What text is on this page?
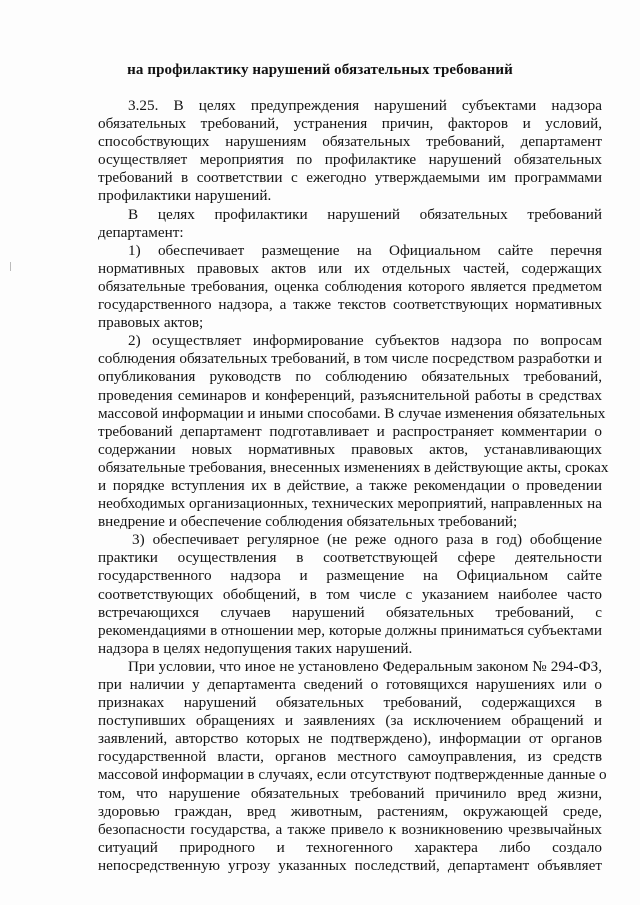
на профилактику нарушений обязательных требований
3.25. В целях предупреждения нарушений субъектами надзора
обязательных требований, устранения причин, факторов и условий,
способствующих нарушениям обязательных требований, департамент
осуществляет мероприятия по профилактике нарушений обязательных
требований в соответствии с ежегодно утверждаемыми им программами
профилактики нарушений.
В целях профилактики нарушений обязательных требований
департамент:
1) обеспечивает размещение на Официальном сайте перечня
нормативных правовых актов или их отдельных частей, содержащих
обязательные требования, оценка соблюдения которого является предметом
государственного надзора, а также текстов соответствующих нормативных
правовых актов;
2) осуществляет информирование субъектов надзора по вопросам
соблюдения обязательных требований, в том числе посредством разработки и
опубликования руководств по соблюдению обязательных требований,
проведения семинаров и конференций, разъяснительной работы в средствах
массовой информации и иными способами. В случае изменения обязательных
требований департамент подготавливает и распространяет комментарии о
содержании новых нормативных правовых актов, устанавливающих
обязательные требования, внесенных изменениях в действующие акты, сроках
и порядке вступления их в действие, а также рекомендации о проведении
необходимых организационных, технических мероприятий, направленных на
внедрение и обеспечение соблюдения обязательных требований;
3) обеспечивает регулярное (не реже одного раза в год) обобщение
практики осуществления в соответствующей сфере деятельности
государственного надзора и размещение на Официальном сайте
соответствующих обобщений, в том числе с указанием наиболее часто
встречающихся случаев нарушений обязательных требований, с
рекомендациями в отношении мер, которые должны приниматься субъектами
надзора в целях недопущения таких нарушений.
При условии, что иное не установлено Федеральным законом № 294-ФЗ,
при наличии у департамента сведений о готовящихся нарушениях или о
признаках нарушений обязательных требований, содержащихся в
поступивших обращениях и заявлениях (за исключением обращений и
заявлений, авторство которых не подтверждено), информации от органов
государственной власти, органов местного самоуправления, из средств
массовой информации в случаях, если отсутствуют подтвержденные данные о
том, что нарушение обязательных требований причинило вред жизни,
здоровью граждан, вред животным, растениям, окружающей среде,
безопасности государства, а также привело к возникновению чрезвычайных
ситуаций природного и техногенного характера либо создало
непосредственную угрозу указанных последствий, департамент объявляет
